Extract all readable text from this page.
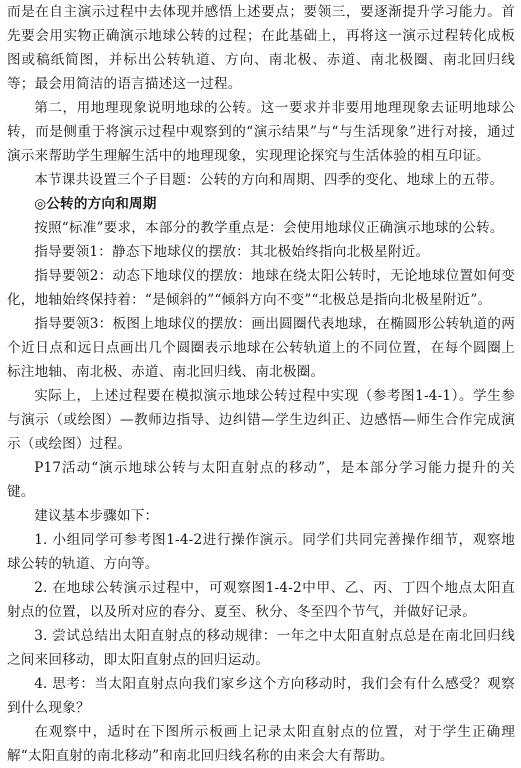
而是在自主演示过程中去体现并感悟上述要点；要领三，要逐渐提升学习能力。首先要会用实物正确演示地球公转的过程；在此基础上，再将这一演示过程转化成板图或稿纸简图，并标出公转轨道、方向、南北极、赤道、南北极圈、南北回归线等；最会用简洁的语言描述这一过程。

第二，用地理现象说明地球的公转。这一要求并非要用地理现象去证明地球公转，而是侧重于将演示过程中观察到的“演示结果”与“与生活现象”进行对接，通过演示来帮助学生理解生活中的地理现象，实现理论探究与生活体验的相互印证。

本节课共设置三个子目题：公转的方向和周期、四季的变化、地球上的五带。

◎公转的方向和周期

按照“标准”要求，本部分的教学重点是：会使用地球仪正确演示地球的公转。

指导要领1：静态下地球仪的摆放：其北极始终指向北极星附近。

指导要领2：动态下地球仪的摆放：地球在绕太阳公转时，无论地球位置如何变化，地轴始终保持着：“是倾斜的”“倾斜方向不变”“北极总是指向北极星附近”。

指导要领3：板图上地球仪的摆放：画出圆圈代表地球，在椭圆形公转轨道的两个近日点和远日点画出几个圆圈表示地球在公转轨道上的不同位置，在每个圆圈上标注地轴、南北极、赤道、南北回归线、南北极圈。

实际上，上述过程要在模拟演示地球公转过程中实现（参考图1-4-1）。学生参与演示（或绘图）—教师边指导、边纠错—学生边纠正、边感悟—师生合作完成演示（或绘图）过程。

P17活动“演示地球公转与太阳直射点的移动”，是本部分学习能力提升的关键。

建议基本步骤如下：

1. 小组同学可参考图1-4-2进行操作演示。同学们共同完善操作细节，观察地球公转的轨道、方向等。

2. 在地球公转演示过程中，可观察图1-4-2中甲、乙、丙、丁四个地点太阳直射点的位置，以及所对应的春分、夏至、秋分、冬至四个节气，并做好记录。

3. 尝试总结出太阳直射点的移动规律：一年之中太阳直射点总是在南北回归线之间来回移动，即太阳直射点的回归运动。

4. 思考：当太阳直射点向我们家乡这个方向移动时，我们会有什么感受？观察到什么现象？

在观察中，适时在下图所示板画上记录太阳直射点的位置，对于学生正确理解“太阳直射的南北移动”和南北回归线名称的由来会大有帮助。
